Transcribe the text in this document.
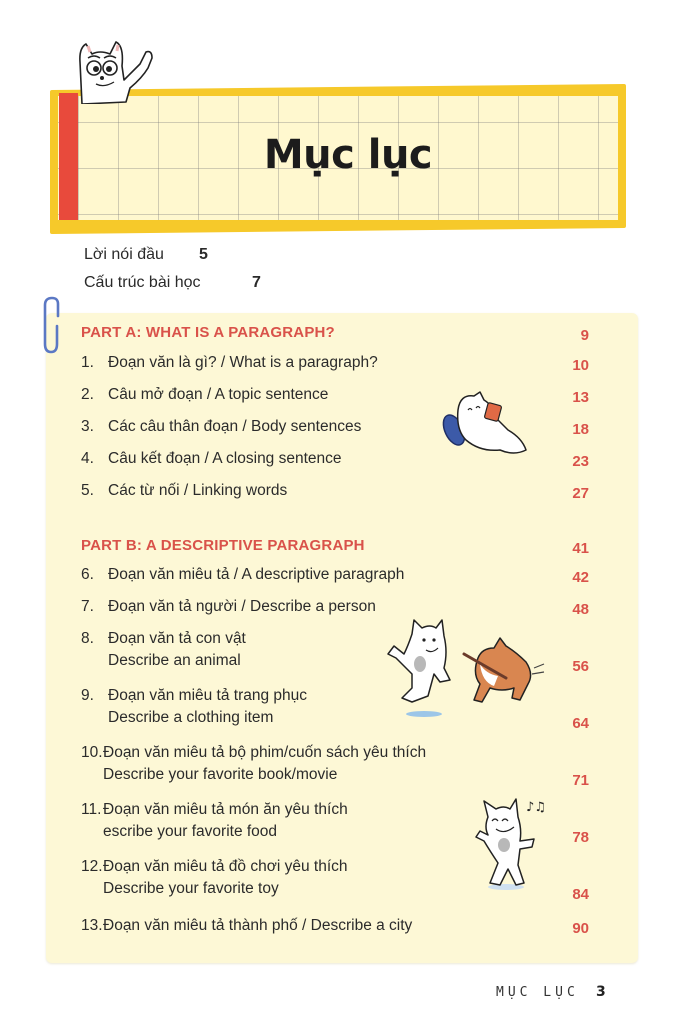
Mục lục
Lời nói đầu 5
Cấu trúc bài học	7
PART A: WHAT IS A PARAGRAPH?	9
1. Đoạn văn là gì? / What is a paragraph?	10
2. Câu mở đoạn / A topic sentence	13
3. Các câu thân đoạn / Body sentences	18
4. Câu kết đoạn / A closing sentence	23
5. Các từ nối / Linking words	27
PART B: A DESCRIPTIVE PARAGRAPH	41
6. Đoạn văn miêu tả / A descriptive paragraph	42
7. Đoạn văn tả người / Describe a person	48
8. Đoạn văn tả con vật
Describe an animal	56
9. Đoạn văn miêu tả trang phục
Describe a clothing item	64
10.Đoạn văn miêu tả bộ phim/cuốn sách yêu thích
Describe your favorite book/movie	71
11. Đoạn văn miêu tả món ăn yêu thích
escribe your favorite food	78
12.Đoạn văn miêu tả đồ chơi yêu thích
Describe your favorite toy	84
13.Đoạn văn miêu tả thành phố / Describe a city	90
♪♫
MỤC LỤC 3
